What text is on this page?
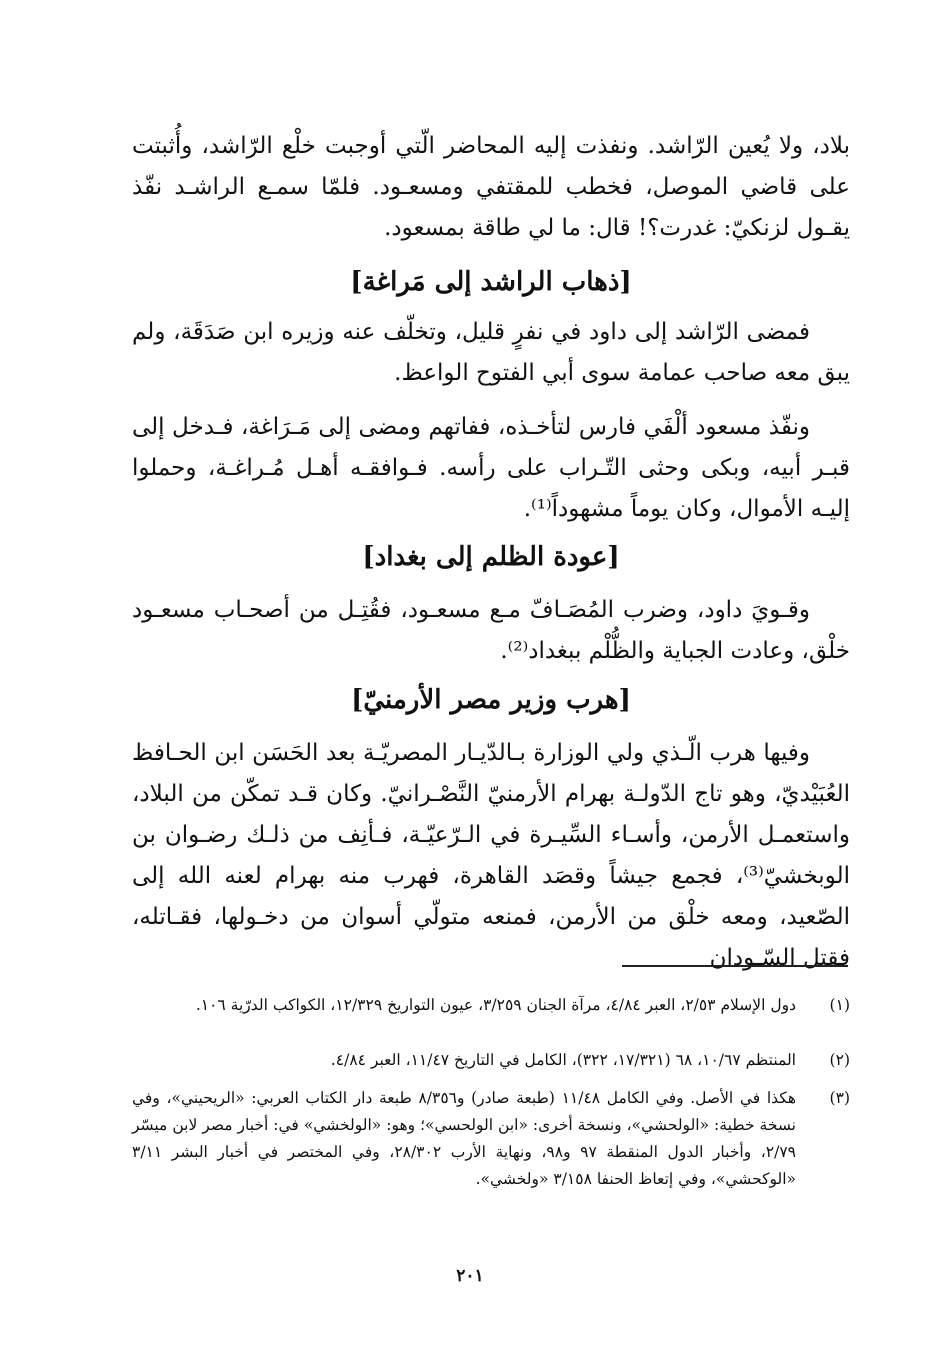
بلاد، ولا يُعين الرّاشد. ونفذت إليه المحاضر الّتي أوجبت خلْع الرّاشد، وأُثبتت على قاضي الموصل، فخطب للمقتفي ومسعـود. فلمّا سمـع الراشـد نفّذ يقـول لزنكيّ: غدرت؟! قال: ما لي طاقة بمسعود.

[ذهاب الراشد إلى مَراغة]

فمضى الرّاشد إلى داود في نفرٍ قليل، وتخلّف عنه وزيره ابن صَدَقَة، ولم يبق معه صاحب عمامة سوى أبي الفتوح الواعظ.

ونفّذ مسعود ألْفَي فارس لتأخـذه، ففاتهم ومضى إلى مَـرَاغة، فـدخل إلى قبـر أبيه، وبكى وحثى التّـراب على رأسه. فـوافقـه أهـل مُـراغـة، وحملوا إليـه الأموال، وكان يوماً مشهوداً⁽¹⁾.

[عودة الظلم إلى بغداد]

وقـويَ داود، وضرب المُصَـافّ مـع مسعـود، فقُتِـل من أصحـاب مسعـود خلْق، وعادت الجباية والظُّلْم ببغداد⁽²⁾.

[هرب وزير مصر الأرمنيّ]

وفيها هرب الّـذي ولي الوزارة بـالدّيـار المصريّـة بعد الحَسَن ابن الحـافظ العُبَيْديّ، وهو تاج الدّولـة بهرام الأرمنيّ النَّصْـرانيّ. وكان قـد تمكّن من البلاد، واستعمـل الأرمن، وأسـاء السِّيـرة في الـرّعيّـة، فـأنِف من ذلـك رضـوان بن الوبخشيّ⁽³⁾، فجمع جيشاً وقصَد القاهرة، فهرب منه بهرام لعنه الله إلى الصّعيد، ومعه خلْق من الأرمن، فمنعه متولّي أسوان من دخـولها، فقـاتله، فقتل السّـودان

(١)
دول الإسلام ٢/٥٣، العبر ٤/٨٤، مرآة الجنان ٣/٢٥٩، عيون التواريخ ١٢/٣٢٩، الكواكب الدرّية ١٠٦.
(٢)
المنتظم ١٠/٦٧، ٦٨ (١٧/٣٢١، ٣٢٢)، الكامل في التاريخ ١١/٤٧، العبر ٤/٨٤.
(٣)
هكذا في الأصل. وفي الكامل ١١/٤٨ (طبعة صادر) و٨/٣٥٦ طبعة دار الكتاب العربي: «الريحيني»، وفي نسخة خطية: «الولحشي»، ونسخة أخرى: «ابن الولحسي»؛ وهو: «الولخشي» في: أخبار مصر لابن ميسّر ٢/٧٩، وأخبار الدول المنقطة ٩٧ و٩٨، ونهاية الأرب ٢٨/٣٠٢، وفي المختصر في أخبار البشر ٣/١١ «الوكحشي»، وفي إتعاظ الحنفا ٣/١٥٨ «ولخشي».
٢٠١
